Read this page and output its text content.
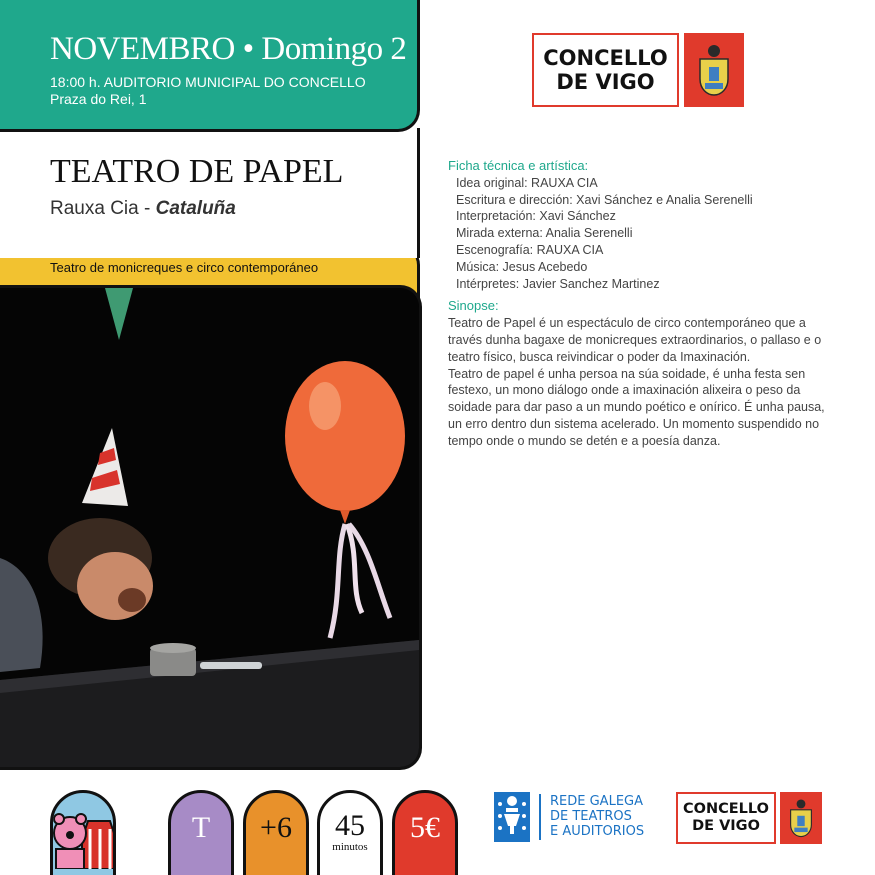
NOVEMBRO • Domingo 2
18:00 h. AUDITORIO MUNICIPAL DO CONCELLO
Praza do Rei, 1
TEATRO DE PAPEL
Rauxa Cia - Cataluña
Teatro de monicreques e circo contemporáneo
CONCELLO
DE VIGO
Ficha técnica e artística:
Idea original: RAUXA CIA
Escritura e dirección: Xavi Sánchez e Analia Serenelli
Interpretación: Xavi Sánchez
Mirada externa: Analia Serenelli
Escenografía: RAUXA CIA
Música: Jesus Acebedo
Intérpretes: Javier Sanchez Martinez
Sinopse:

Teatro de Papel é un espectáculo de circo contemporáneo que a través dunha bagaxe de monicreques extraordinarios, o pallaso e o teatro físico, busca reivindicar o poder da Imaxinación.

Teatro de papel é unha persoa na súa soidade, é unha festa sen festexo, un mono diálogo onde a imaxinación alixeira o peso da soidade para dar paso a un mundo poético e onírico. É unha pausa, un erro dentro dun sistema acelerado. Un momento suspendido no tempo onde o mundo se detén e a poesía danza.

T +6 45
minutos
5€
REDE GALEGA
DE TEATROS
E AUDITORIOS
CONCELLO
DE VIGO
